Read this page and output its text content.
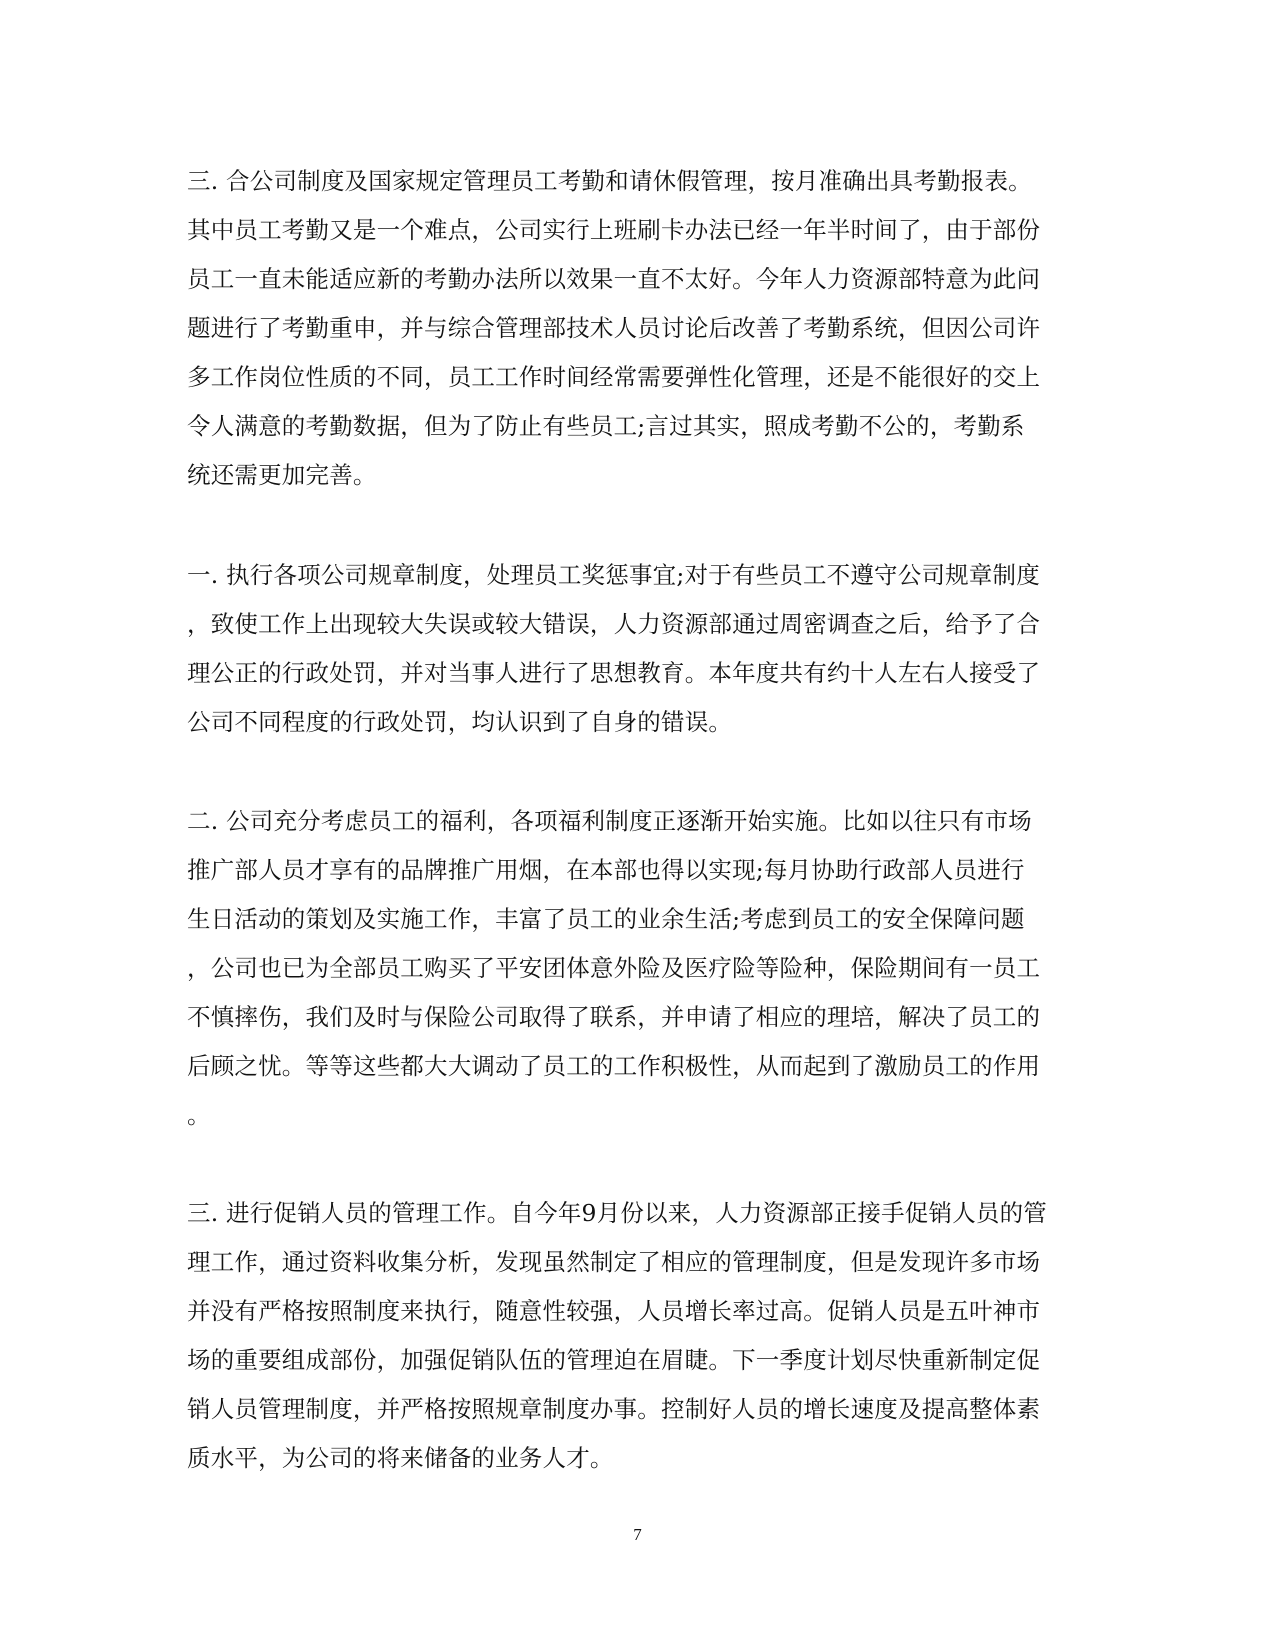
三. 合公司制度及国家规定管理员工考勤和请休假管理，按月准确出具考勤报表。
其中员工考勤又是一个难点，公司实行上班刷卡办法已经一年半时间了，由于部份
员工一直未能适应新的考勤办法所以效果一直不太好。今年人力资源部特意为此问
题进行了考勤重申，并与综合管理部技术人员讨论后改善了考勤系统，但因公司许
多工作岗位性质的不同，员工工作时间经常需要弹性化管理，还是不能很好的交上
令人满意的考勤数据，但为了防止有些员工;言过其实，照成考勤不公的，考勤系
统还需更加完善。
一. 执行各项公司规章制度，处理员工奖惩事宜;对于有些员工不遵守公司规章制度
，致使工作上出现较大失误或较大错误，人力资源部通过周密调查之后，给予了合
理公正的行政处罚，并对当事人进行了思想教育。本年度共有约十人左右人接受了
公司不同程度的行政处罚，均认识到了自身的错误。
二. 公司充分考虑员工的福利，各项福利制度正逐渐开始实施。比如以往只有市场
推广部人员才享有的品牌推广用烟，在本部也得以实现;每月协助行政部人员进行
生日活动的策划及实施工作，丰富了员工的业余生活;考虑到员工的安全保障问题
，公司也已为全部员工购买了平安团体意外险及医疗险等险种，保险期间有一员工
不慎摔伤，我们及时与保险公司取得了联系，并申请了相应的理培，解决了员工的
后顾之忧。等等这些都大大调动了员工的工作积极性，从而起到了激励员工的作用
。
三. 进行促销人员的管理工作。自今年9月份以来，人力资源部正接手促销人员的管
理工作，通过资料收集分析，发现虽然制定了相应的管理制度，但是发现许多市场
并没有严格按照制度来执行，随意性较强，人员增长率过高。促销人员是五叶神市
场的重要组成部份，加强促销队伍的管理迫在眉睫。下一季度计划尽快重新制定促
销人员管理制度，并严格按照规章制度办事。控制好人员的增长速度及提高整体素
质水平，为公司的将来储备的业务人才。
7
